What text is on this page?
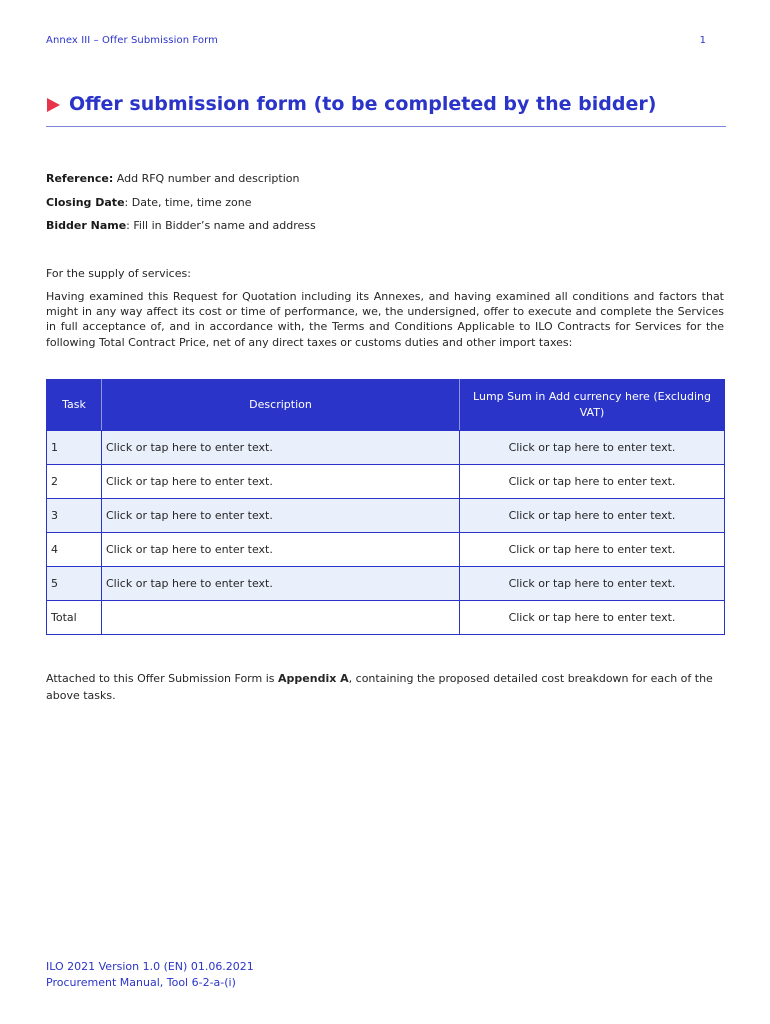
Annex III – Offer Submission Form	1
Offer submission form (to be completed by the bidder)
Reference: Add RFQ number and description
Closing Date: Date, time, time zone
Bidder Name: Fill in Bidder’s name and address
For the supply of services:
Having examined this Request for Quotation including its Annexes, and having examined all conditions and factors that might in any way affect its cost or time of performance, we, the undersigned, offer to execute and complete the Services in full acceptance of, and in accordance with, the Terms and Conditions Applicable to ILO Contracts for Services for the following Total Contract Price, net of any direct taxes or customs duties and other import taxes:
Task	Description	Lump Sum in Add currency here (Excluding VAT)
1	Click or tap here to enter text.	Click or tap here to enter text.
2	Click or tap here to enter text.	Click or tap here to enter text.
3	Click or tap here to enter text.	Click or tap here to enter text.
4	Click or tap here to enter text.	Click or tap here to enter text.
5	Click or tap here to enter text.	Click or tap here to enter text.
Total		Click or tap here to enter text.
Attached to this Offer Submission Form is Appendix A, containing the proposed detailed cost breakdown for each of the above tasks.
ILO 2021 Version 1.0 (EN) 01.06.2021
Procurement Manual, Tool 6-2-a-(i)
